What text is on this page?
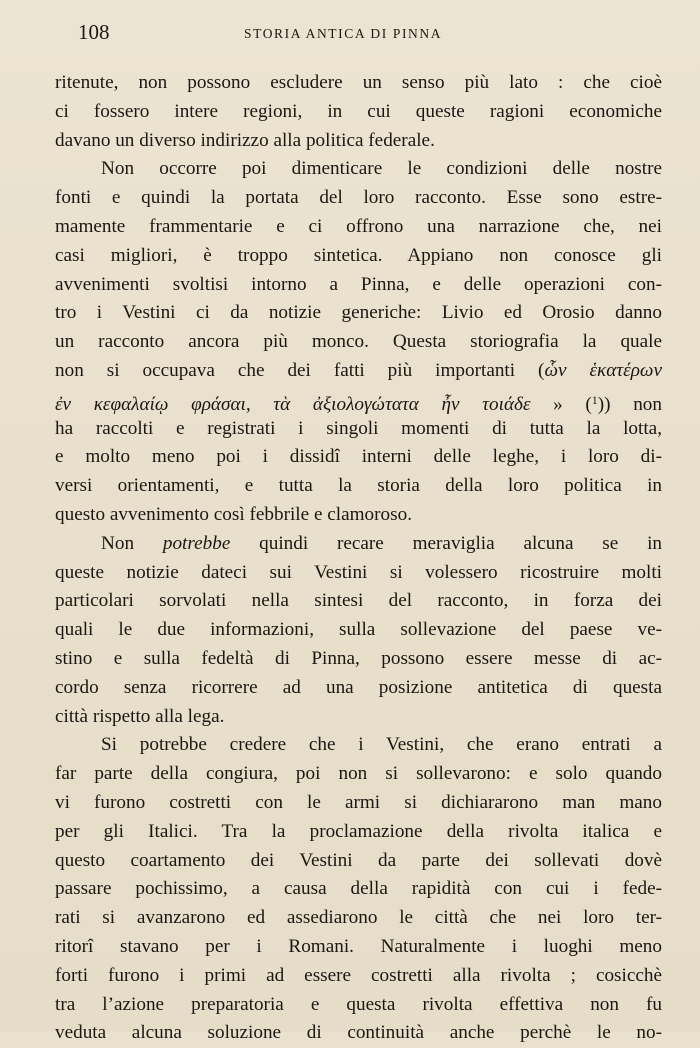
108	STORIA ANTICA DI PINNA
ritenute, non possono escludere un senso più lato : che cioè
ci fossero intere regioni, in cui queste ragioni economiche
davano un diverso indirizzo alla politica federale.
Non occorre poi dimenticare le condizioni delle nostre
fonti e quindi la portata del loro racconto. Esse sono estre-
mamente frammentarie e ci offrono una narrazione che, nei
casi migliori, è troppo sintetica. Appiano non conosce gli
avvenimenti svoltisi intorno a Pinna, e delle operazioni con-
tro i Vestini ci da notizie generiche: Livio ed Orosio danno
un racconto ancora più monco. Questa storiografia la quale
non si occupava che dei fatti più importanti (ὧν ἑκατέρων
ἐν κεφαλαίῳ φράσαι, τὰ ἀξιολογώτατα ἦν τοιάδε » ($^1$)) non
ha raccolti e registrati i singoli momenti di tutta la lotta,
e molto meno poi i dissidî interni delle leghe, i loro di-
versi orientamenti, e tutta la storia della loro politica in
questo avvenimento così febbrile e clamoroso.
Non potrebbe quindi recare meraviglia alcuna se in
queste notizie dateci sui Vestini si volessero ricostruire molti
particolari sorvolati nella sintesi del racconto, in forza dei
quali le due informazioni, sulla sollevazione del paese ve-
stino e sulla fedeltà di Pinna, possono essere messe di ac-
cordo senza ricorrere ad una posizione antitetica di questa
città rispetto alla lega.
Si potrebbe credere che i Vestini, che erano entrati a
far parte della congiura, poi non si sollevarono: e solo quando
vi furono costretti con le armi si dichiararono man mano
per gli Italici. Tra la proclamazione della rivolta italica e
questo coartamento dei Vestini da parte dei sollevati dovè
passare pochissimo, a causa della rapidità con cui i fede-
rati si avanzarono ed assediarono le città che nei loro ter-
ritorî stavano per i Romani. Naturalmente i luoghi meno
forti furono i primi ad essere costretti alla rivolta ; cosicchè
tra l’azione preparatoria e questa rivolta effettiva non fu
veduta alcuna soluzione di continuità anche perchè le no-
